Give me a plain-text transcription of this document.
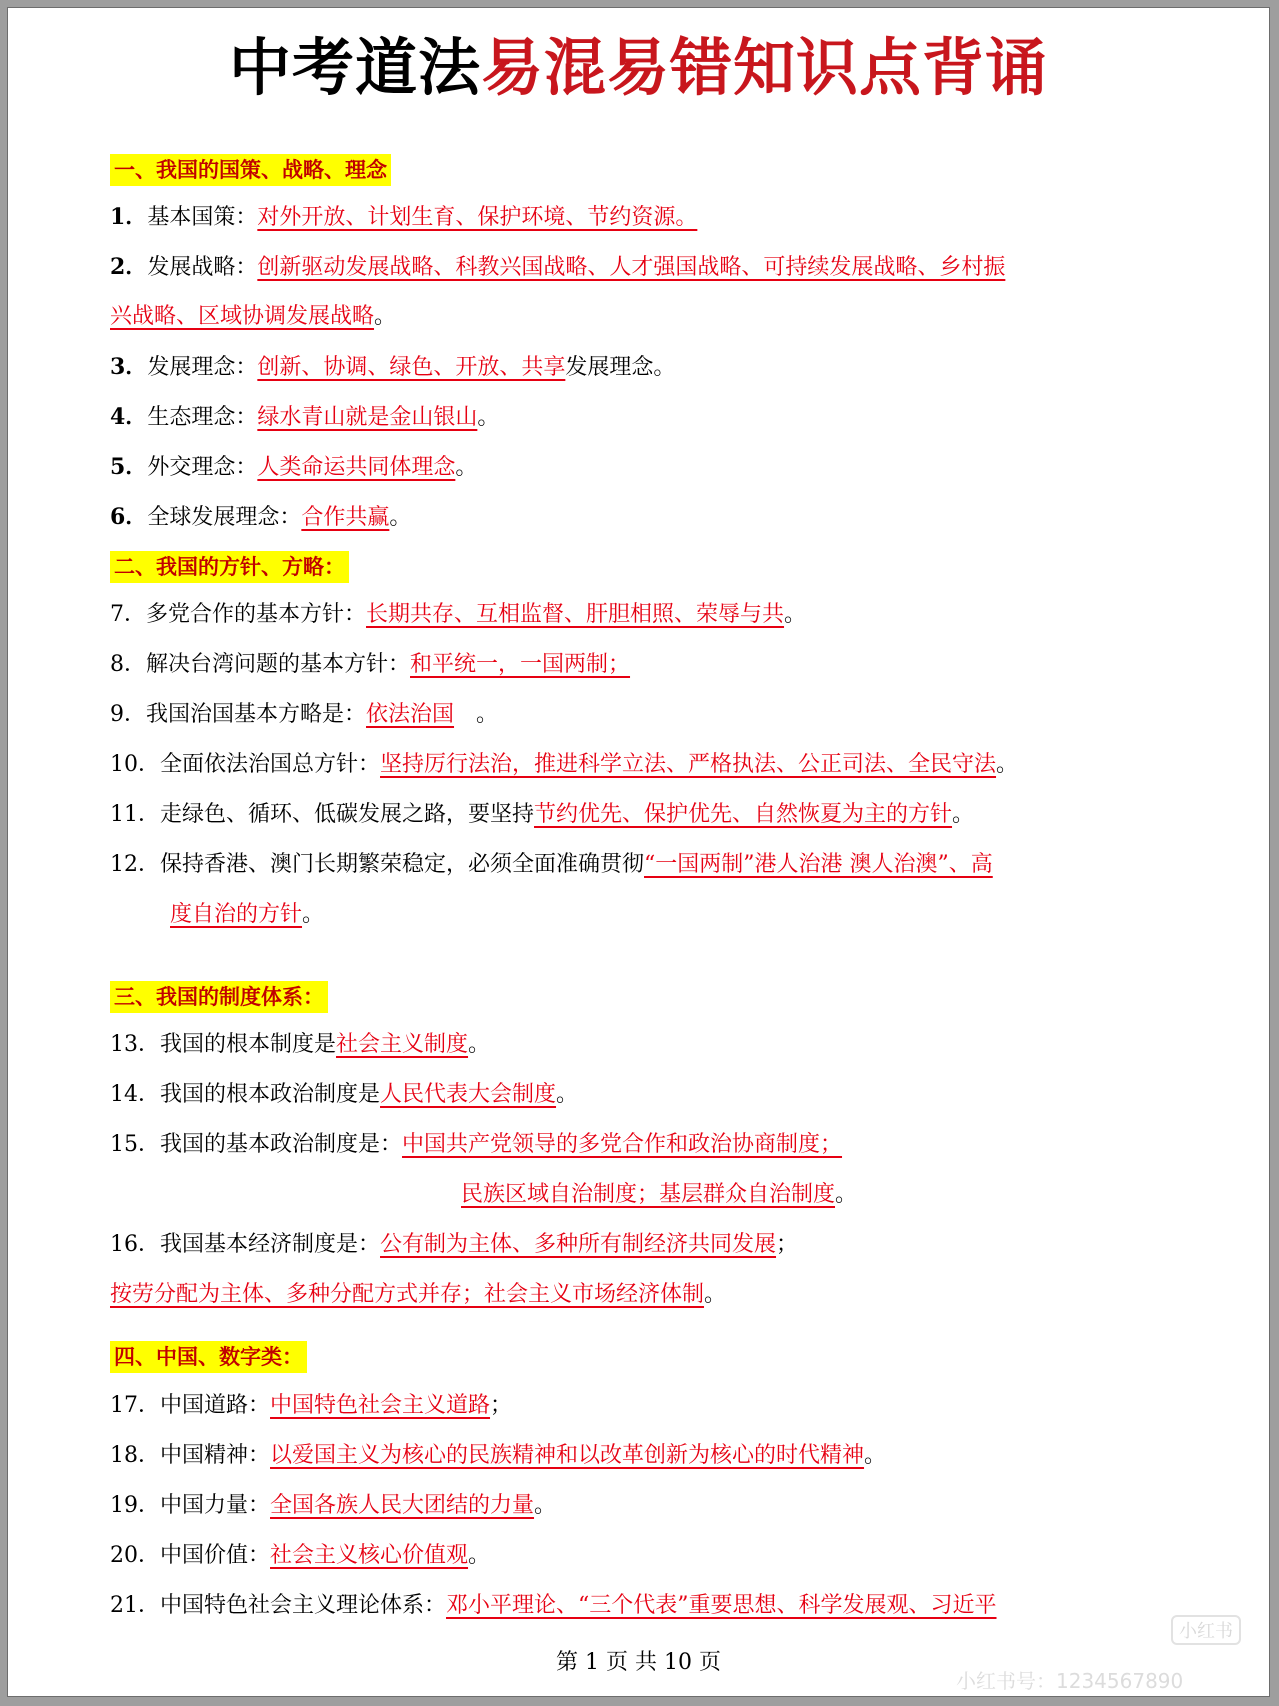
中考道法易混易错知识点背诵
一、我国的国策、战略、理念
1．基本国策：对外开放、计划生育、保护环境、节约资源。
2．发展战略：创新驱动发展战略、科教兴国战略、人才强国战略、可持续发展战略、乡村振
兴战略、区域协调发展战略。
3．发展理念：创新、协调、绿色、开放、共享发展理念。
4．生态理念：绿水青山就是金山银山。
5．外交理念：人类命运共同体理念。
6．全球发展理念：合作共赢。
二、我国的方针、方略：
7．多党合作的基本方针：长期共存、互相监督、肝胆相照、荣辱与共。
8．解决台湾问题的基本方针：和平统一，一国两制；
9．我国治国基本方略是：依法治国　。
10．全面依法治国总方针：坚持厉行法治，推进科学立法、严格执法、公正司法、全民守法。
11．走绿色、循环、低碳发展之路，要坚持节约优先、保护优先、自然恢夏为主的方针。
12．保持香港、澳门长期繁荣稳定，必须全面准确贯彻“一国两制”港人治港 澳人治澳”、高
度自治的方针。
三、我国的制度体系：
13．我国的根本制度是社会主义制度。
14．我国的根本政治制度是人民代表大会制度。
15．我国的基本政治制度是：中国共产党领导的多党合作和政治协商制度；
民族区域自治制度；基层群众自治制度。
16．我国基本经济制度是：公有制为主体、多种所有制经济共同发展；
按劳分配为主体、多种分配方式并存；社会主义市场经济体制。
四、中国、数字类：
17．中国道路：中国特色社会主义道路；
18．中国精神：以爱国主义为核心的民族精神和以改革创新为核心的时代精神。
19．中国力量：全国各族人民大团结的力量。
20．中国价值：社会主义核心价值观。
21．中国特色社会主义理论体系：邓小平理论、“三个代表”重要思想、科学发展观、习近平
第 1 页 共 10 页
小红书
小红书号：1234567890
